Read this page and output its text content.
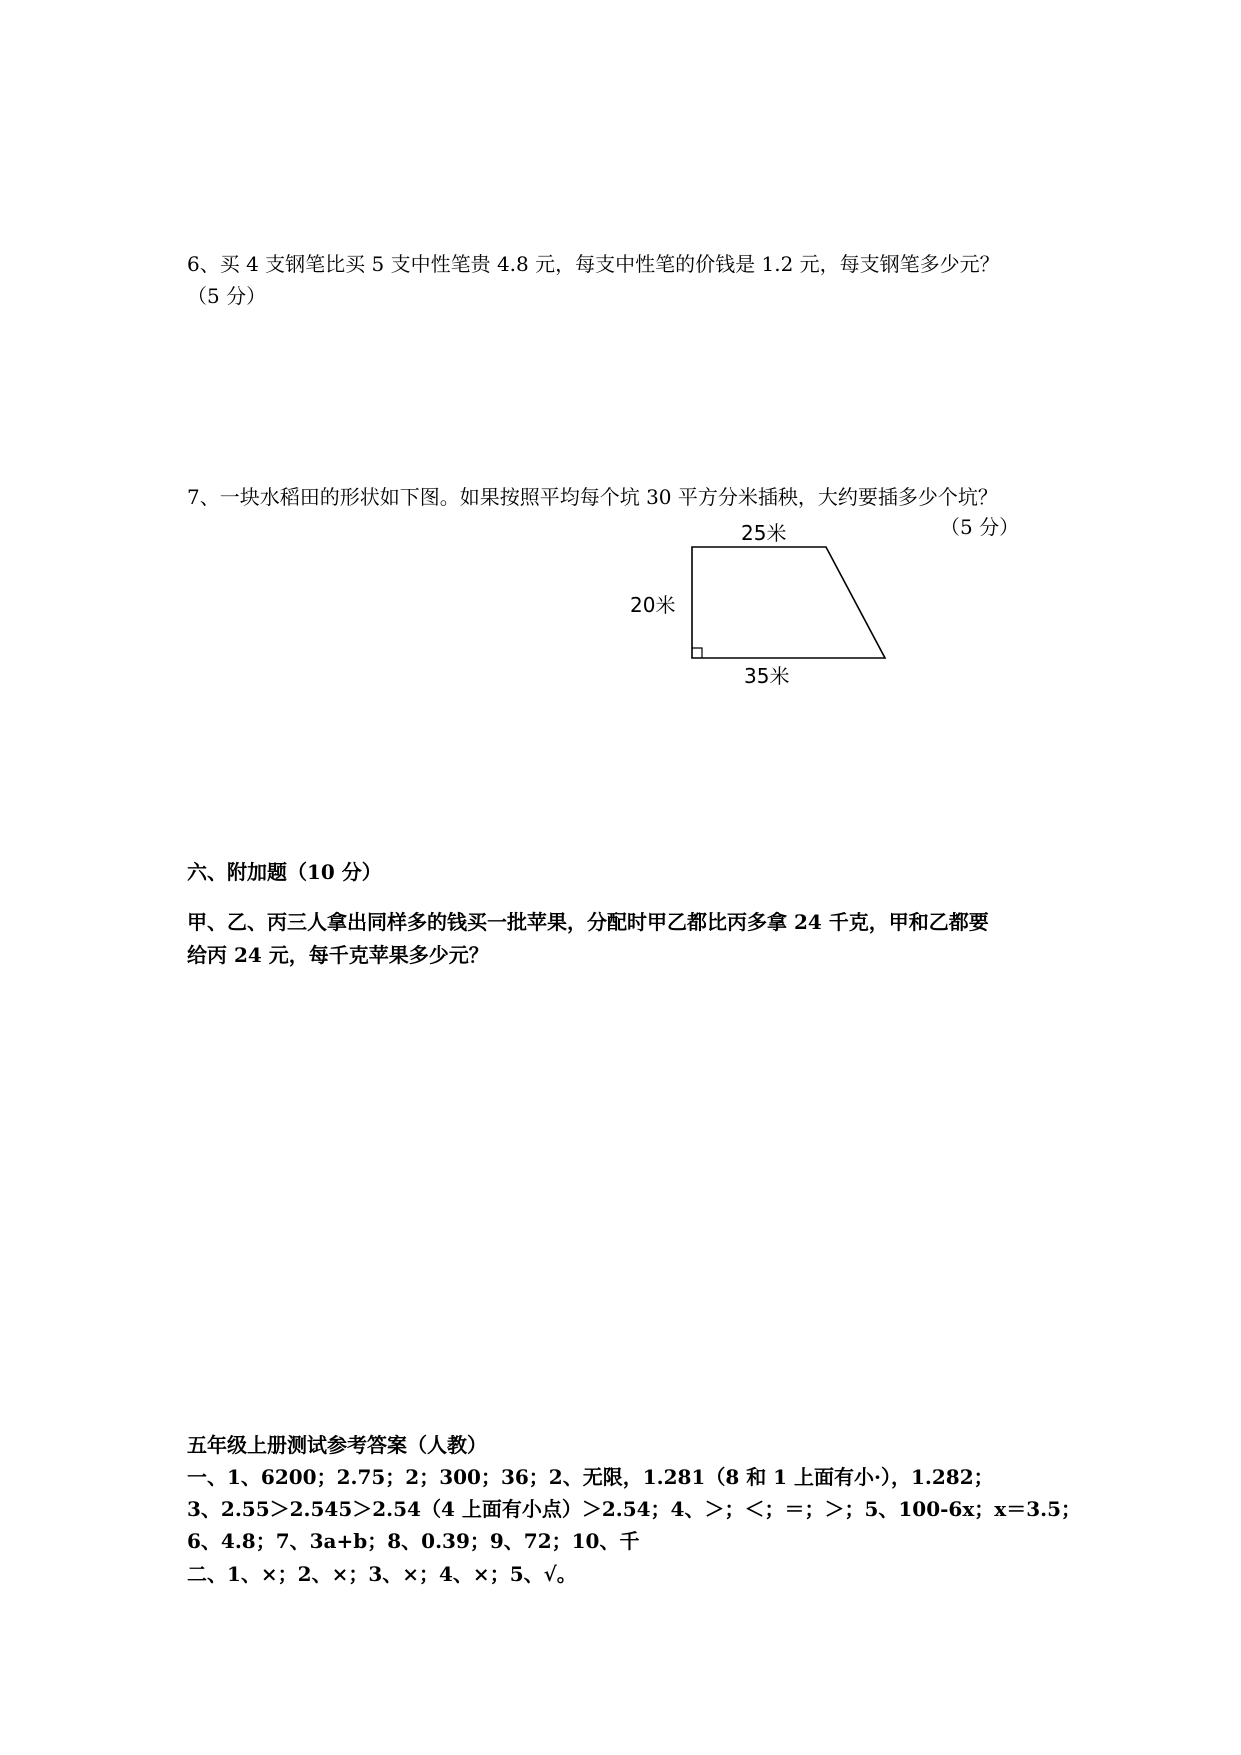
6、买 4 支钢笔比买 5 支中性笔贵 4.8 元，每支中性笔的价钱是 1.2 元，每支钢笔多少元？
（5 分）
7、一块水稻田的形状如下图。如果按照平均每个坑 30 平方分米插秧，大约要插多少个坑？
（5 分）
25米
20米
35米
六、附加题（10 分）
甲、乙、丙三人拿出同样多的钱买一批苹果，分配时甲乙都比丙多拿 24 千克，甲和乙都要
给丙 24 元，每千克苹果多少元？
五年级上册测试参考答案（人教）
一、1、6200；2.75；2；300；36；2、无限，1.281（8 和 1 上面有小·），1.282；
3、2.55＞2.545＞2.54（4 上面有小点）＞2.54；4、＞；＜；＝；＞；5、100-6x；x＝3.5；
6、4.8；7、3a+b；8、0.39；9、72；10、千
二、1、×；2、×；3、×；4、×；5、√。
